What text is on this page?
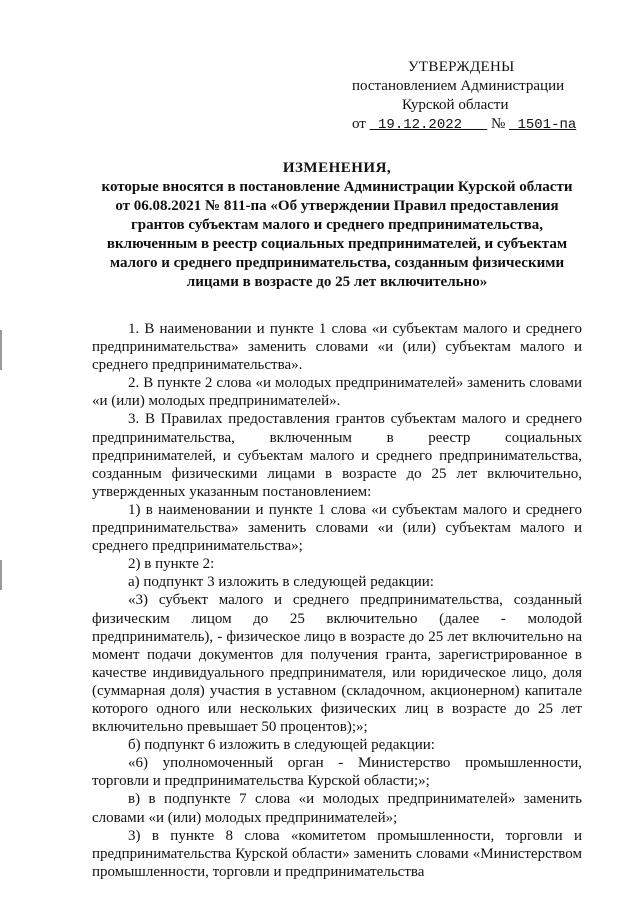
УТВЕРЖДЕНЫ
постановлением Администрации
Курской области
от 19.12.2022 № 1501-па
ИЗМЕНЕНИЯ,
которые вносятся в постановление Администрации Курской области
от 06.08.2021 № 811-па «Об утверждении Правил предоставления
грантов субъектам малого и среднего предпринимательства,
включенным в реестр социальных предпринимателей, и субъектам
малого и среднего предпринимательства, созданным физическими
лицами в возрасте до 25 лет включительно»

1. В наименовании и пункте 1 слова «и субъектам малого и среднего предпринимательства» заменить словами «и (или) субъектам малого и среднего предпринимательства».

2. В пункте 2 слова «и молодых предпринимателей» заменить словами «и (или) молодых предпринимателей».

3. В Правилах предоставления грантов субъектам малого и среднего предпринимательства, включенным в реестр социальных предпринимателей, и субъектам малого и среднего предпринимательства, созданным физическими лицами в возрасте до 25 лет включительно, утвержденных указанным постановлением:

1) в наименовании и пункте 1 слова «и субъектам малого и среднего предпринимательства» заменить словами «и (или) субъектам малого и среднего предпринимательства»;

2) в пункте 2:

а) подпункт 3 изложить в следующей редакции:

«3) субъект малого и среднего предпринимательства, созданный физическим лицом до 25 включительно (далее - молодой предприниматель), - физическое лицо в возрасте до 25 лет включительно на момент подачи документов для получения гранта, зарегистрированное в качестве индивидуального предпринимателя, или юридическое лицо, доля (суммарная доля) участия в уставном (складочном, акционерном) капитале которого одного или нескольких физических лиц в возрасте до 25 лет включительно превышает 50 процентов);»;

б) подпункт 6 изложить в следующей редакции:

«6) уполномоченный орган - Министерство промышленности, торговли и предпринимательства Курской области;»;

в) в подпункте 7 слова «и молодых предпринимателей» заменить словами «и (или) молодых предпринимателей»;

3) в пункте 8 слова «комитетом промышленности, торговли и предпринимательства Курской области» заменить словами «Министерством промышленности, торговли и предпринимательства
